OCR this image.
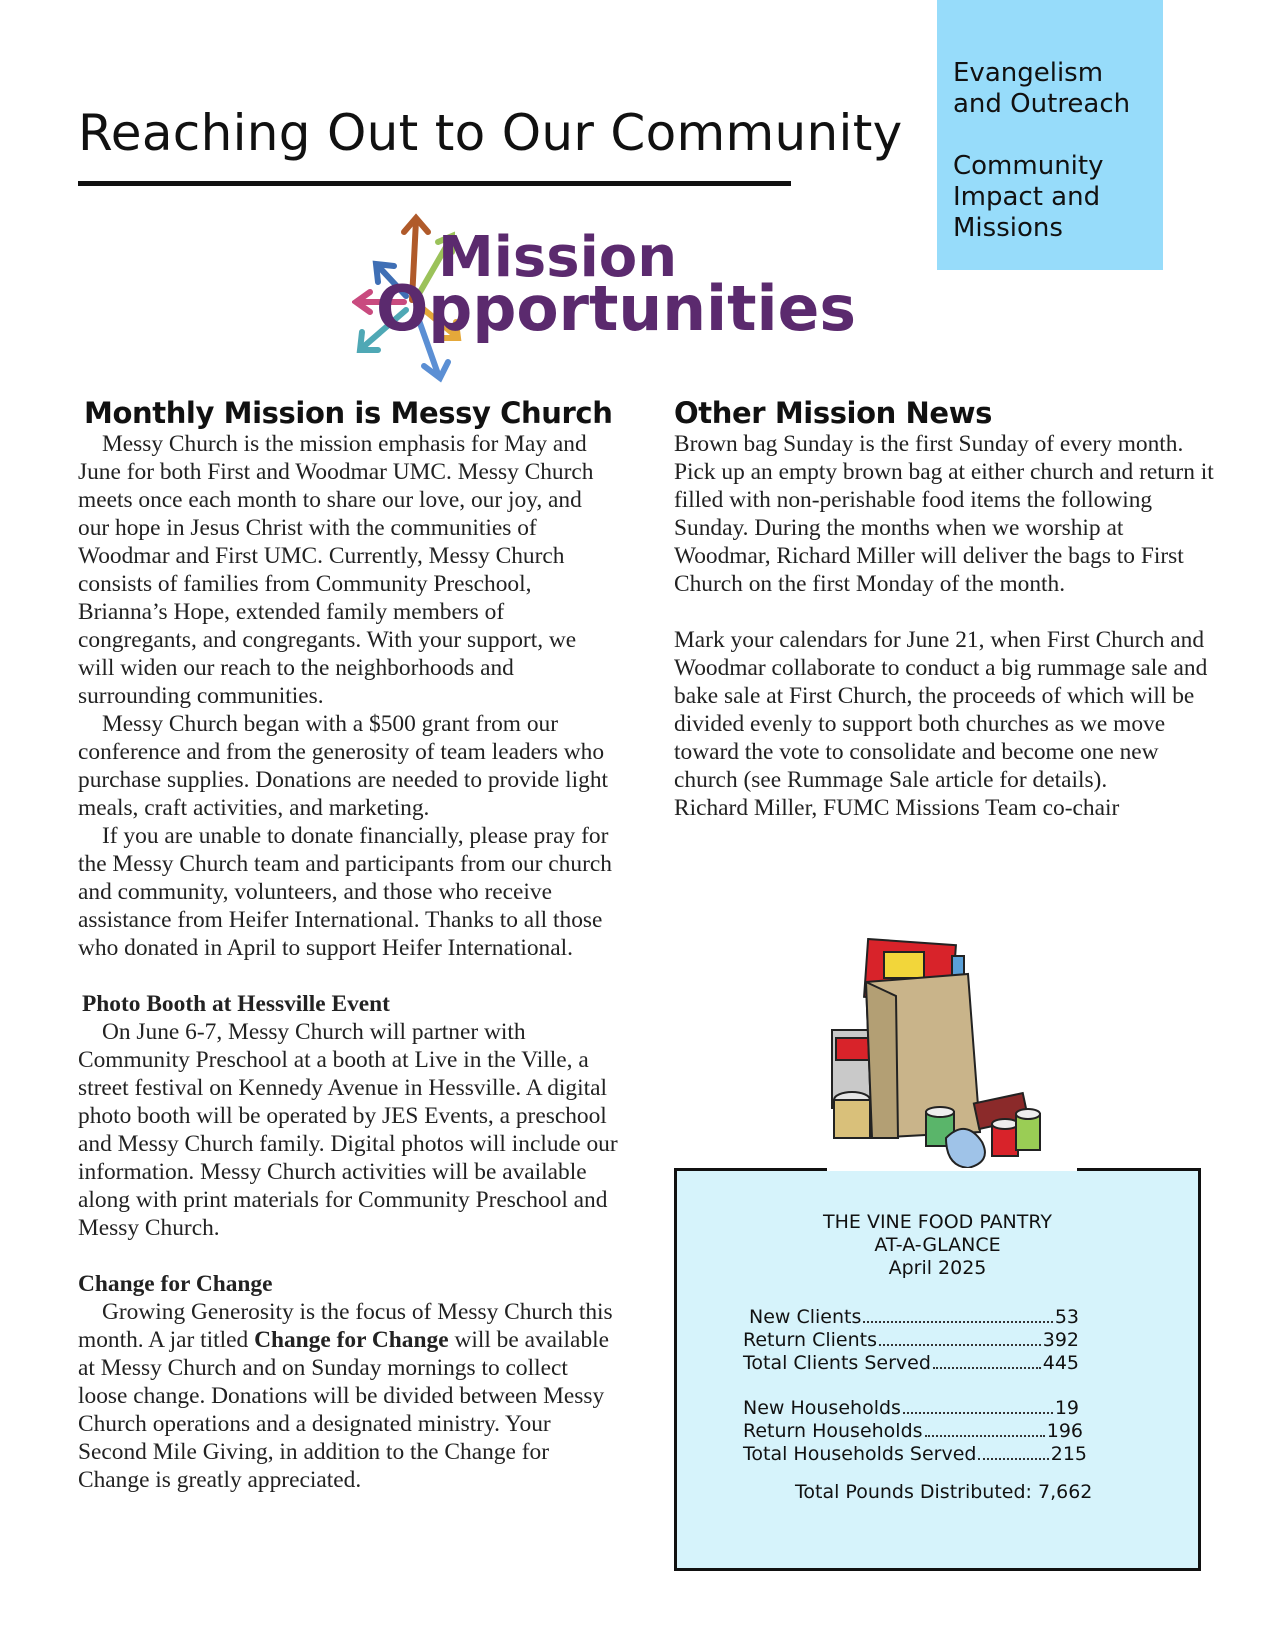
Reaching Out to Our Community
Evangelism and Outreach
Community Impact and Missions
Mission
Opportunities
Monthly Mission is Messy Church

Messy Church is the mission emphasis for May and June for both First and Woodmar UMC. Messy Church meets once each month to share our love, our joy, and our hope in Jesus Christ with the communities of Woodmar and First UMC. Currently, Messy Church consists of families from Community Preschool, Brianna’s Hope, extended family members of congregants, and congregants. With your support, we will widen our reach to the neighborhoods and surrounding communities.

Messy Church began with a $500 grant from our conference and from the generosity of team leaders who purchase supplies. Donations are needed to provide light meals, craft activities, and marketing.

If you are unable to donate financially, please pray for the Messy Church team and participants from our church and community, volunteers, and those who receive assistance from Heifer International. Thanks to all those who donated in April to support Heifer International.

Photo Booth at Hessville Event

On June 6-7, Messy Church will partner with Community Preschool at a booth at Live in the Ville, a street festival on Kennedy Avenue in Hessville. A digital photo booth will be operated by JES Events, a preschool and Messy Church family. Digital photos will include our information. Messy Church activities will be available along with print materials for Community Preschool and Messy Church.

Change for Change

Growing Generosity is the focus of Messy Church this month. A jar titled Change for Change will be available at Messy Church and on Sunday mornings to collect loose change. Donations will be divided between Messy Church operations and a designated ministry. Your Second Mile Giving, in addition to the Change for Change is greatly appreciated.

Other Mission News

Brown bag Sunday is the first Sunday of every month. Pick up an empty brown bag at either church and return it filled with non-perishable food items the following Sunday. During the months when we worship at Woodmar, Richard Miller will deliver the bags to First Church on the first Monday of the month.

Mark your calendars for June 21, when First Church and Woodmar collaborate to conduct a big rummage sale and bake sale at First Church, the proceeds of which will be divided evenly to support both churches as we move toward the vote to consolidate and become one new church (see Rummage Sale article for details).

Richard Miller, FUMC Missions Team co-chair

THE VINE FOOD PANTRY
AT-A-GLANCE
April 2025
New Clients	53
Return Clients	392
Total Clients Served	445
New Households	19
Return Households	196
Total Households Served	215
Total Pounds Distributed: 7,662
